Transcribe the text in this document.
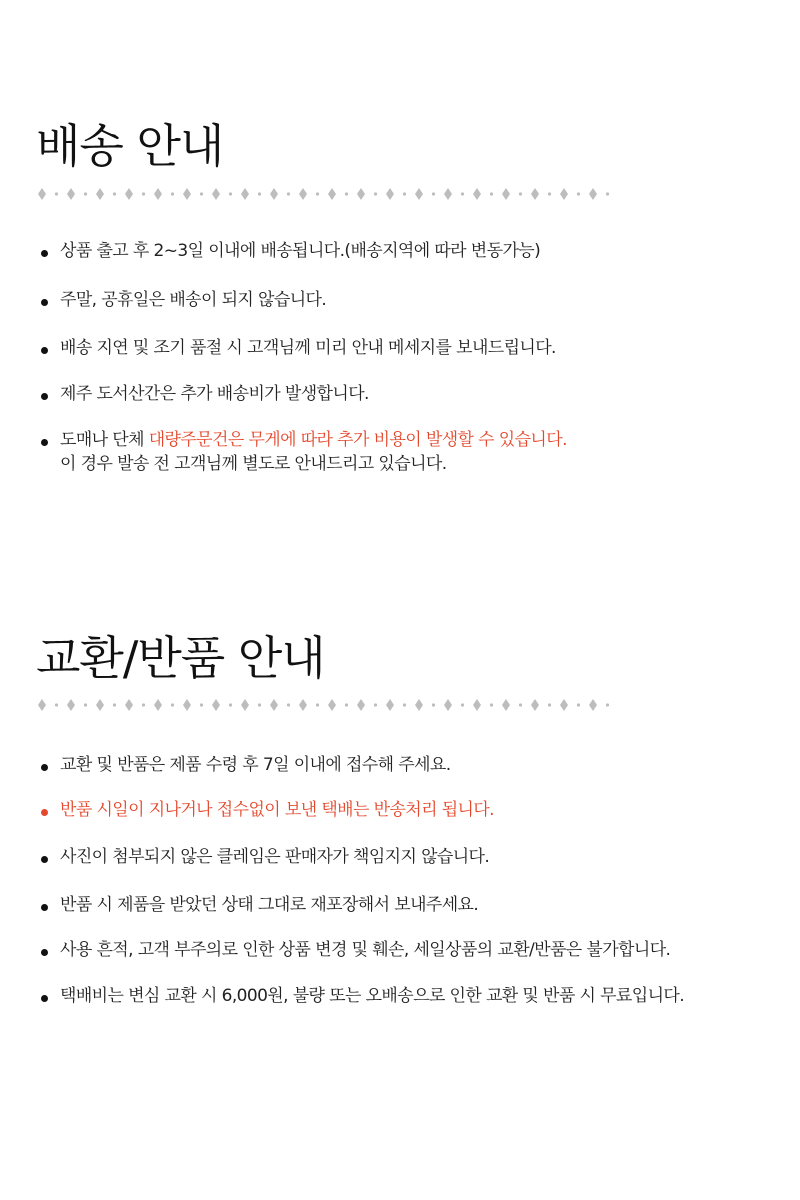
배송 안내
상품 출고 후 2~3일 이내에 배송됩니다.(배송지역에 따라 변동가능)
주말, 공휴일은 배송이 되지 않습니다.
배송 지연 및 조기 품절 시 고객님께 미리 안내 메세지를 보내드립니다.
제주 도서산간은 추가 배송비가 발생합니다.
도매나 단체 대량주문건은 무게에 따라 추가 비용이 발생할 수 있습니다.
이 경우 발송 전 고객님께 별도로 안내드리고 있습니다.
교환/반품 안내
교환 및 반품은 제품 수령 후 7일 이내에 접수해 주세요.
반품 시일이 지나거나 접수없이 보낸 택배는 반송처리 됩니다.
사진이 첨부되지 않은 클레임은 판매자가 책임지지 않습니다.
반품 시 제품을 받았던 상태 그대로 재포장해서 보내주세요.
사용 흔적, 고객 부주의로 인한 상품 변경 및 훼손, 세일상품의 교환/반품은 불가합니다.
택배비는 변심 교환 시 6,000원, 불량 또는 오배송으로 인한 교환 및 반품 시 무료입니다.
